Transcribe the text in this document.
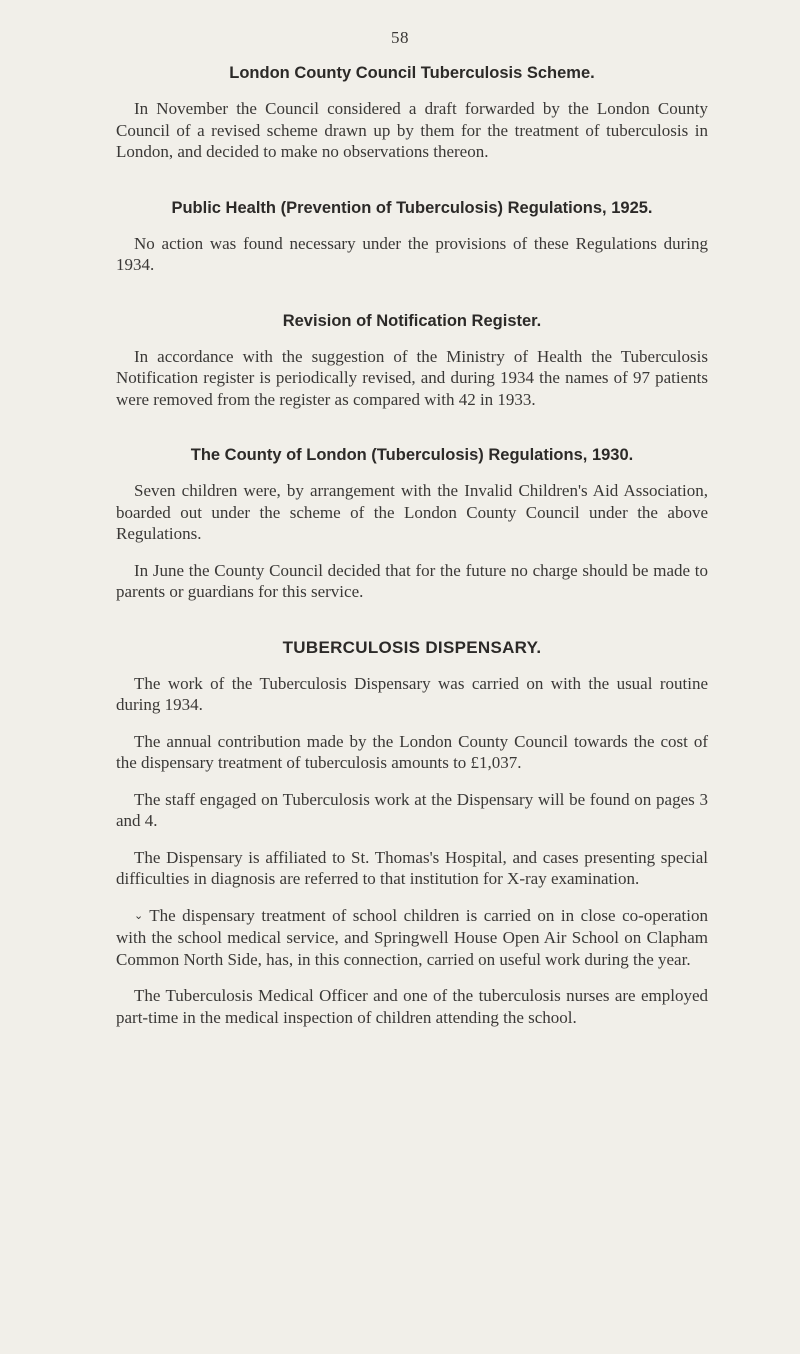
58
London County Council Tuberculosis Scheme.

In November the Council considered a draft forwarded by the London County Council of a revised scheme drawn up by them for the treatment of tuberculosis in London, and decided to make no observations thereon.

Public Health (Prevention of Tuberculosis) Regulations, 1925.

No action was found necessary under the provisions of these Regulations during 1934.

Revision of Notification Register.

In accordance with the suggestion of the Ministry of Health the Tuberculosis Notification register is periodically revised, and during 1934 the names of 97 patients were removed from the register as compared with 42 in 1933.

The County of London (Tuberculosis) Regulations, 1930.

Seven children were, by arrangement with the Invalid Children's Aid Association, boarded out under the scheme of the London County Council under the above Regulations.

In June the County Council decided that for the future no charge should be made to parents or guardians for this service.

TUBERCULOSIS DISPENSARY.

The work of the Tuberculosis Dispensary was carried on with the usual routine during 1934.

The annual contribution made by the London County Council towards the cost of the dispensary treatment of tuberculosis amounts to £1,037.

The staff engaged on Tuberculosis work at the Dispensary will be found on pages 3 and 4.

The Dispensary is affiliated to St. Thomas's Hospital, and cases presenting special difficulties in diagnosis are referred to that institution for X-ray examination.

⌄ The dispensary treatment of school children is carried on in close co-operation with the school medical service, and Springwell House Open Air School on Clapham Common North Side, has, in this connection, carried on useful work during the year.

The Tuberculosis Medical Officer and one of the tuberculosis nurses are employed part-time in the medical inspection of children attending the school.
